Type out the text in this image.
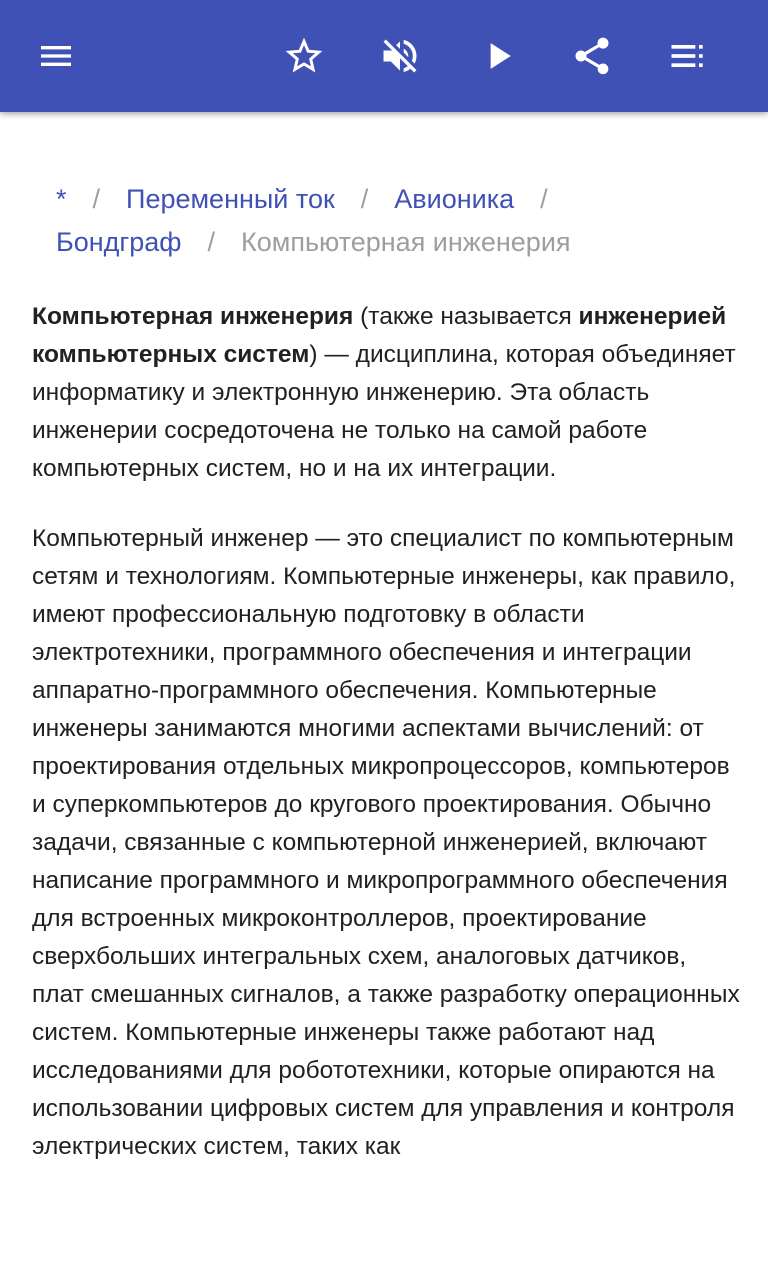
* / Переменный ток / Авионика /
Бондграф / Компьютерная инженерия

Компьютерная инженерия (также называется инженерией компьютерных систем) — дисциплина, которая объединяет информатику и электронную инженерию. Эта область инженерии сосредоточена не только на самой работе компьютерных систем, но и на их интеграции.

Компьютерный инженер — это специалист по компьютерным сетям и технологиям. Компьютерные инженеры, как правило, имеют профессиональную подготовку в области электротехники, программного обеспечения и интеграции аппаратно-программного обеспечения. Компьютерные инженеры занимаются многими аспектами вычислений: от проектирования отдельных микропроцессоров, компьютеров и суперкомпьютеров до кругового проектирования. Обычно задачи, связанные с компьютерной инженерией, включают написание программного и микропрограммного обеспечения для встроенных микроконтроллеров, проектирование сверхбольших интегральных схем, аналоговых датчиков, плат смешанных сигналов, а также разработку операционных систем. Компьютерные инженеры также работают над исследованиями для робототехники, которые опираются на использовании цифровых систем для управления и контроля электрических систем, таких как
